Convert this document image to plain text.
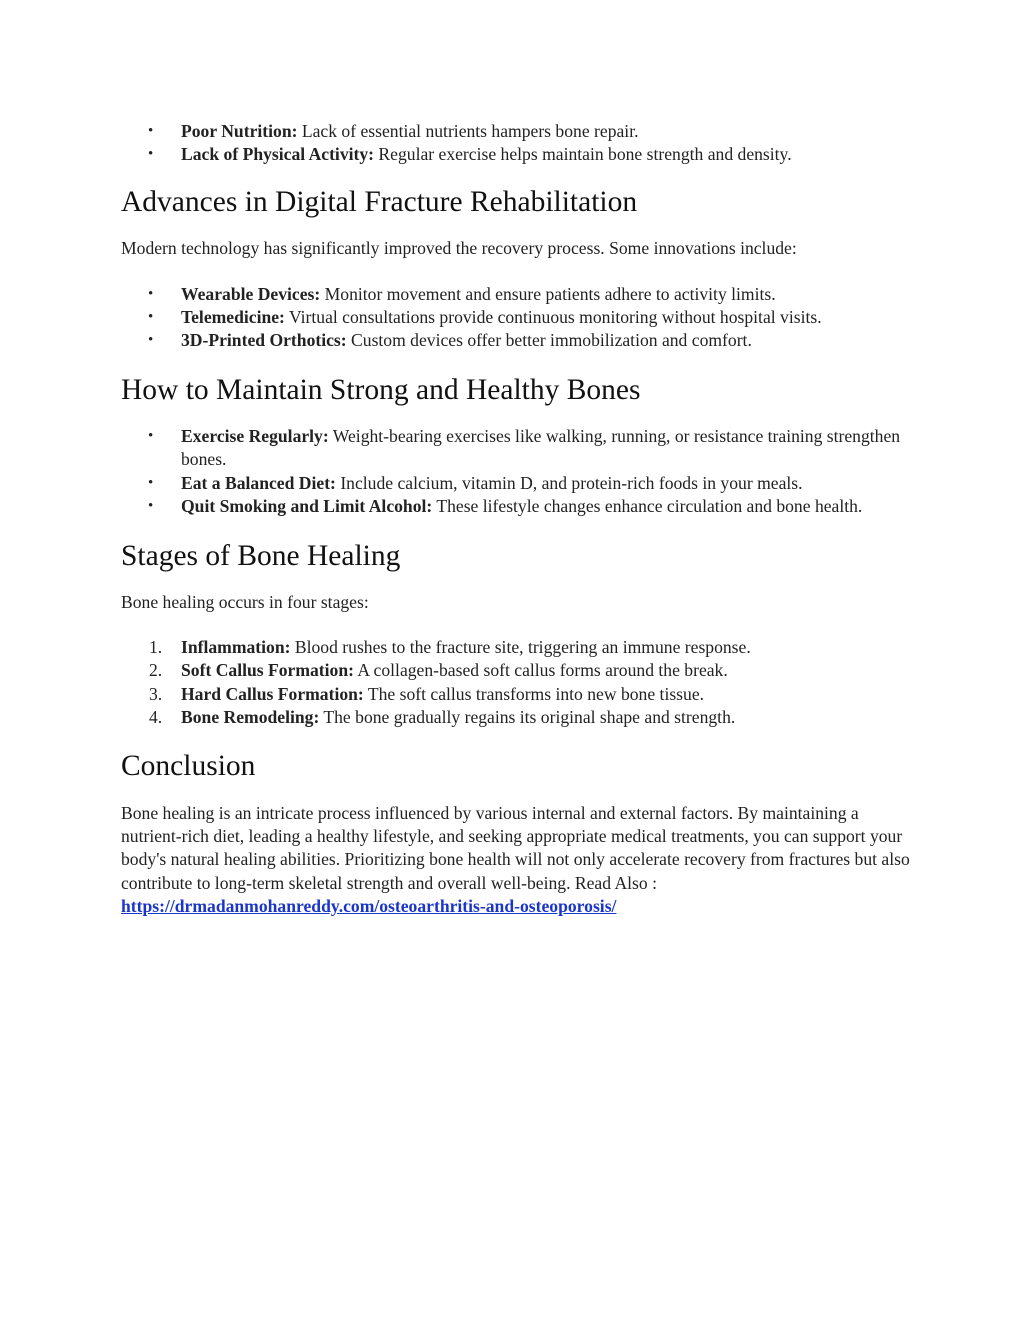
• Poor Nutrition: Lack of essential nutrients hampers bone repair.
• Lack of Physical Activity: Regular exercise helps maintain bone strength and density.
Advances in Digital Fracture Rehabilitation

Modern technology has significantly improved the recovery process. Some innovations include:

• Wearable Devices: Monitor movement and ensure patients adhere to activity limits.
• Telemedicine: Virtual consultations provide continuous monitoring without hospital visits.
• 3D-Printed Orthotics: Custom devices offer better immobilization and comfort.
How to Maintain Strong and Healthy Bones
• Exercise Regularly: Weight-bearing exercises like walking, running, or resistance training strengthen bones.
• Eat a Balanced Diet: Include calcium, vitamin D, and protein-rich foods in your meals.
• Quit Smoking and Limit Alcohol: These lifestyle changes enhance circulation and bone health.
Stages of Bone Healing

Bone healing occurs in four stages:

1. Inflammation: Blood rushes to the fracture site, triggering an immune response.
2. Soft Callus Formation: A collagen-based soft callus forms around the break.
3. Hard Callus Formation: The soft callus transforms into new bone tissue.
4. Bone Remodeling: The bone gradually regains its original shape and strength.
Conclusion

Bone healing is an intricate process influenced by various internal and external factors. By maintaining a nutrient-rich diet, leading a healthy lifestyle, and seeking appropriate medical treatments, you can support your body's natural healing abilities. Prioritizing bone health will not only accelerate recovery from fractures but also contribute to long-term skeletal strength and overall well-being. Read Also : https://drmadanmohanreddy.com/osteoarthritis-and-osteoporosis/
